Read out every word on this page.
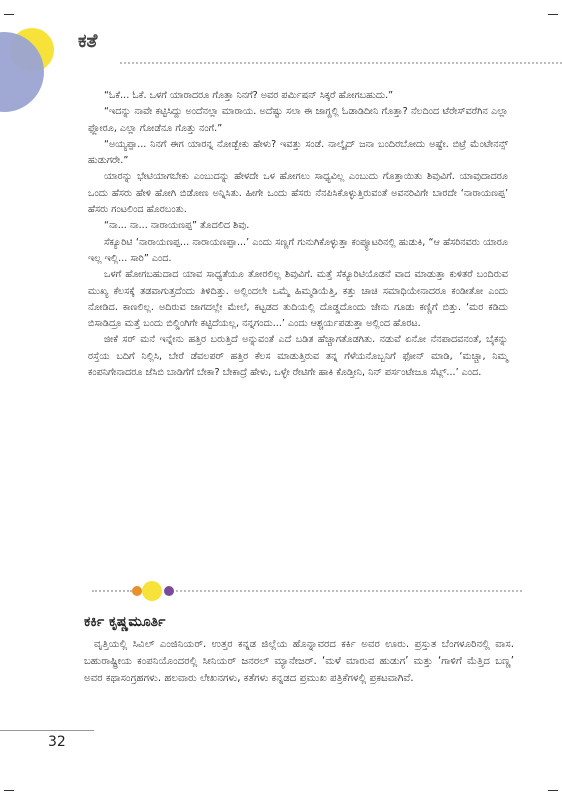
ಕತೆ

“ಓಕೆ... ಓಕೆ. ಒಳಗೆ ಯಾರಾದರೂ ಗೊತ್ತಾ ನಿನಗೆ? ಅವರ ಪರ್ಮಿಷನ್ ಸಿಕ್ಕರೆ ಹೋಗಬಹುದು.”

“ಇದನ್ನು ನಾವೇ ಕಟ್ಟಿಸಿದ್ದು ಅಂದೆನಲ್ಲಾ ಮಾರಾಯ. ಅದೆಷ್ಟು ಸಲಾ ಈ ಜಾಗ್ದಲ್ಲಿ ಓಡಾಡಿದೀನಿ ಗೊತ್ತಾ? ನೆಲದಿಂದ ಟೆರೇಸ್‌ವರೆಗಿನ ಎಲ್ಲಾ ಫ್ಲೋರೂ, ಎಲ್ಲಾ ಗೋಡೆನೂ ಗೊತ್ತು ನಂಗೆ.”

“ಅಯ್ಯಪ್ಪಾ... ನಿನಗೆ ಈಗ ಯಾರನ್ನ ನೋಡ್ಬೇಕು ಹೇಳು? ಇವತ್ತು ಸಂಡೆ. ನಾಲ್ಕೈದ್ ಜನಾ ಬಂದಿರಬೋದು ಅಷ್ಟೇ. ಬಿಟ್ರೆ ಮೆಂಟೇನನ್ಸ್ ಹುಡುಗರೇ.”

ಯಾರನ್ನು ಭೇಟಿಯಾಗಬೇಕು ಎಂಬುದನ್ನು ಹೇಳದೇ ಒಳ ಹೋಗಲು ಸಾಧ್ಯವಿಲ್ಲ ಎಂಬುದು ಗೊತ್ತಾಯಿತು ಶಿವುವಿಗೆ. ಯಾವುದಾದರೂ ಒಂದು ಹೆಸರು ಹೇಳಿ ಹೋಗಿ ಬಿಡೋಣ ಅನ್ನಿಸಿತು. ಹೀಗೇ ಒಂದು ಹೆಸರು ನೆನಪಿಸಿಕೊಳ್ಳುತ್ತಿರುವಂತೆ ಅವನರಿವಿಗೇ ಬಾರದೇ ‘ನಾರಾಯಣಪ್ಪ’ ಹೆಸರು ಗಂಟಲಿಂದ ಹೊರಬಂತು.

“ನಾ... ನಾ... ನಾರಾಯಣಪ್ಪ” ತೊದಲಿದ ಶಿವು.

ಸೆಕ್ಯೂರಿಟಿ ‘ನಾರಾಯಣಪ್ಪ... ನಾರಾಯಣಪ್ಪಾ...’ ಎಂದು ಸಣ್ಣಗೆ ಗುನುಗಿಕೊಳ್ಳುತ್ತಾ ಕಂಪ್ಯೂಟರಿನಲ್ಲಿ ಹುಡುಕಿ, “ಆ ಹೆಸರಿನವರು ಯಾರೂ ಇಲ್ಲ ಇಲ್ಲಿ... ಸಾರಿ” ಎಂದ.

ಒಳಗೆ ಹೋಗಬಹುದಾದ ಯಾವ ಸಾಧ್ಯತೆಯೂ ತೋರಲಿಲ್ಲ ಶಿವುವಿಗೆ. ಮತ್ತೆ ಸೆಕ್ಯೂರಿಟಿಯೊಡನೆ ವಾದ ಮಾಡುತ್ತಾ ಕುಳಿತರೆ ಬಂದಿರುವ ಮುಖ್ಯ ಕೆಲಸಕ್ಕೆ ತಡವಾಗುತ್ತದೆಂದು ತಿಳಿದಿತ್ತು. ಅಲ್ಲಿಂದಲೇ ಒಮ್ಮೆ ಹಿಮ್ಮಡಿಯೆತ್ತಿ, ಕತ್ತು ಚಾಚಿ ಸಮಾಧಿಯೇನಾದರೂ ಕಂಡೀತೋ ಎಂದು ನೋಡಿದ. ಕಾಣಲಿಲ್ಲ. ಅದಿರುವ ಜಾಗದಲ್ಲೇ ಮೇಲೆ, ಕಟ್ಟಡದ ತುದಿಯಲ್ಲಿ ದೊಡ್ಡದೊಂದು ಜೇನು ಗೂಡು ಕಣ್ಣಿಗೆ ಬಿತ್ತು. ‘ಮರ ಕಡಿದು ಬಿಸಾಡಿದ್ರೂ ಮತ್ತೆ ಬಂದು ಬಿಲ್ಡಿಂಗಿಗೇ ಕಟ್ಟಿದೆಯಲ್ಲ, ನನ್ನಗಂದು...’ ಎಂದು ಆಶ್ಚರ್ಯಪಡುತ್ತಾ ಅಲ್ಲಿಂದ ಹೊರಟ.

ಜೀಕೆ ಸರ್ ಮನೆ ಇನ್ನೇನು ಹತ್ತಿರ ಬರುತ್ತಿದೆ ಅನ್ನುವಂತೆ ಎದೆ ಬಡಿತ ಹೆಚ್ಚಾಗತೊಡಗಿತು. ನಡುವೆ ಏನೋ ನೆನಪಾದವನಂತೆ, ಬೈಕನ್ನು ರಸ್ತೆಯ ಬದಿಗೆ ನಿಲ್ಲಿಸಿ, ಬೇರೆ ಡೆವಲಪರ್ ಹತ್ತಿರ ಕೆಲಸ ಮಾಡುತ್ತಿರುವ ತನ್ನ ಗೆಳೆಯನೊಬ್ಬನಿಗೆ ಫೋನ್ ಮಾಡಿ, ‘ಮಚ್ಚಾ, ನಿಮ್ಮ ಕಂಪನಿಗೇನಾದರೂ ಜೆಸಿಬಿ ಬಾಡಿಗೆಗೆ ಬೇಕಾ? ಬೇಕಾದ್ರೆ ಹೇಳು, ಒಳ್ಳೇ ರೇಟಿಗೇ ಹಾಕಿ ಕೊಡ್ತೀನಿ, ನಿನ್ ಪರ್ಸಂಟೇಜೂ ಸೆಟ್ಲ್...’ ಎಂದ.

ಕರ್ಕಿ ಕೃಷ್ಣಮೂರ್ತಿ
ವೃತ್ತಿಯಲ್ಲಿ ಸಿವಿಲ್ ಎಂಜಿನಿಯರ್. ಉತ್ತರ ಕನ್ನಡ ಜಿಲ್ಲೆಯ ಹೊನ್ನಾವರದ ಕರ್ಕಿ ಅವರ ಊರು. ಪ್ರಸ್ತುತ ಬೆಂಗಳೂರಿನಲ್ಲಿ ವಾಸ. ಬಹುರಾಷ್ಟ್ರೀಯ ಕಂಪನಿಯೊಂದರಲ್ಲಿ ಸೀನಿಯರ್ ಜನರಲ್ ಮ್ಯಾನೇಜರ್. ‘ಮಳೆ ಮಾರುವ ಹುಡುಗ’ ಮತ್ತು ‘ಗಾಳಿಗೆ ಮೆತ್ತಿದ ಬಣ್ಣ’ ಅವರ ಕಥಾಸಂಗ್ರಹಗಳು. ಹಲವಾರು ಲೇಖನಗಳು, ಕತೆಗಳು ಕನ್ನಡದ ಪ್ರಮುಖ ಪತ್ರಿಕೆಗಳಲ್ಲಿ ಪ್ರಕಟವಾಗಿವೆ.
32
